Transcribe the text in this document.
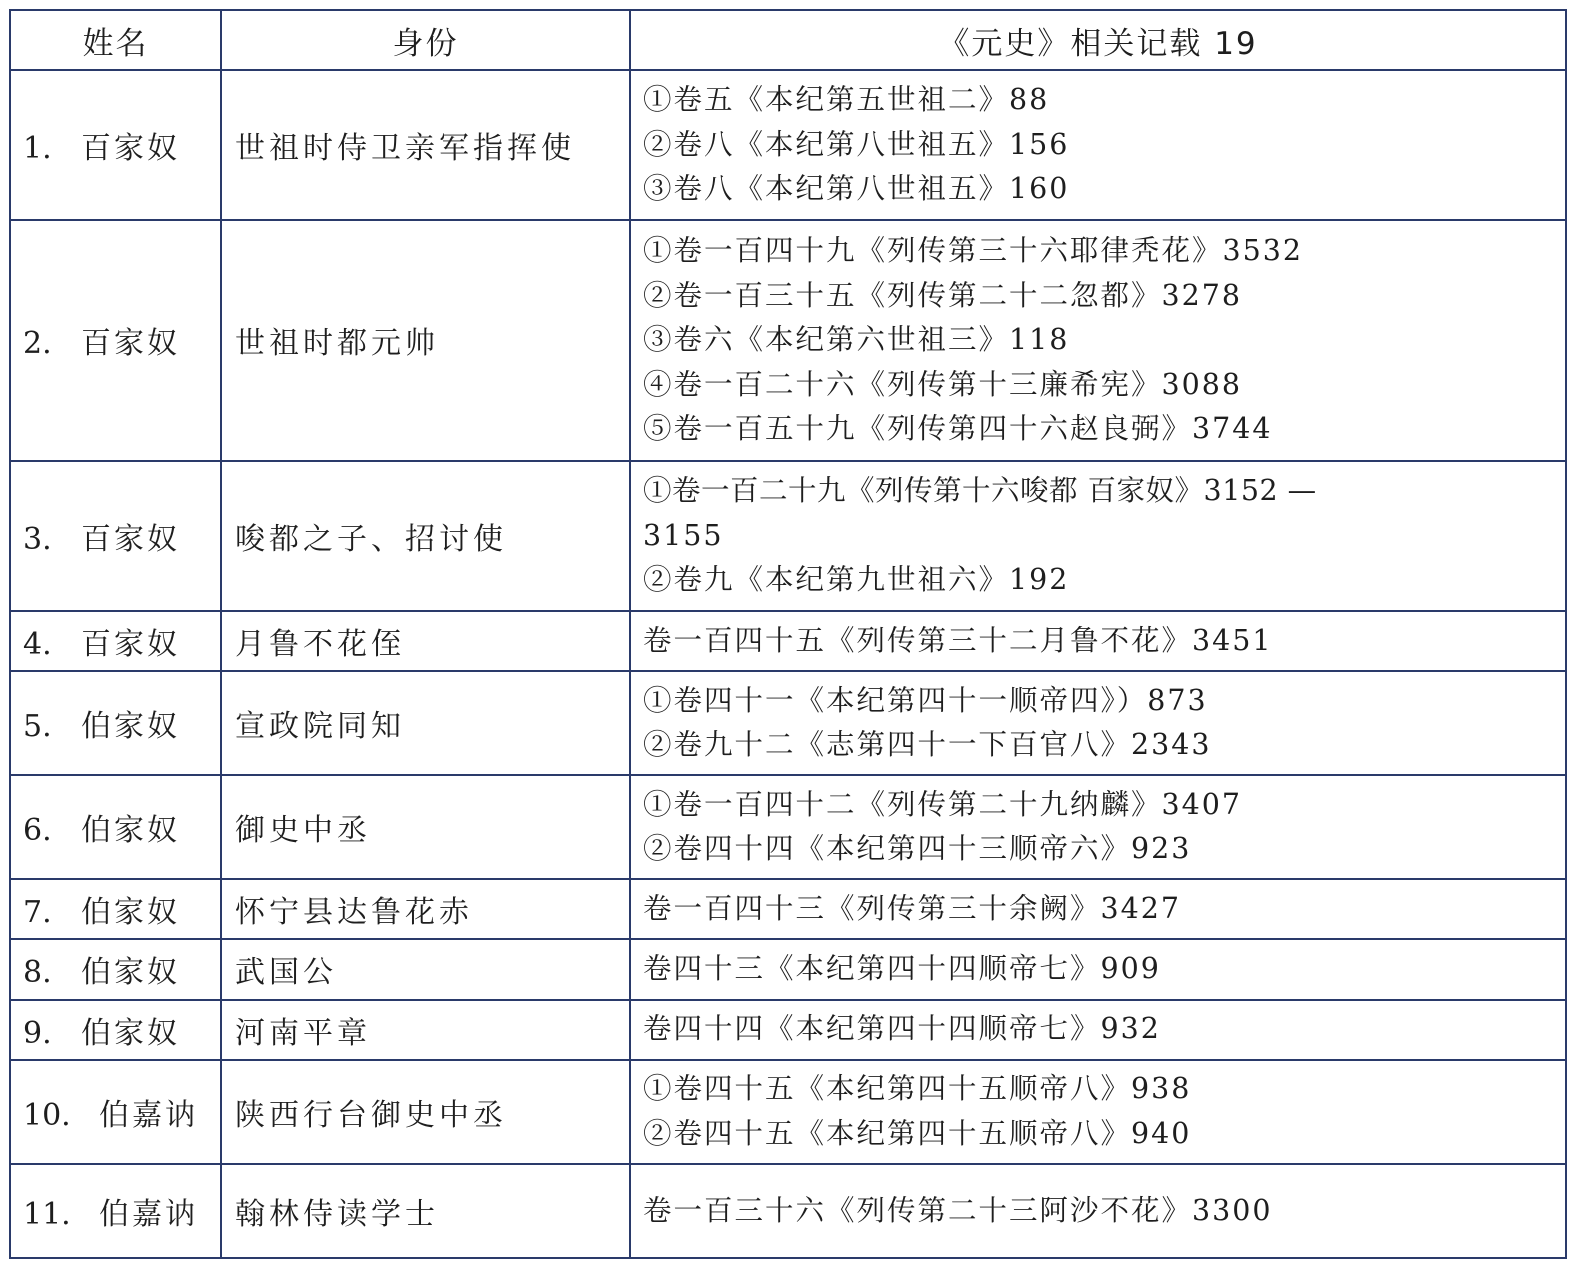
姓名	身份	《元史》相关记载 19
1. 百家奴	世祖时侍卫亲军指挥使	①卷五《本纪第五世祖二》88
②卷八《本纪第八世祖五》156
③卷八《本纪第八世祖五》160

2. 百家奴	世祖时都元帅	①卷一百四十九《列传第三十六耶律秃花》3532
②卷一百三十五《列传第二十二忽都》3278
③卷六《本纪第六世祖三》118
④卷一百二十六《列传第十三廉希宪》3088
⑤卷一百五十九《列传第四十六赵良弼》3744

3. 百家奴	唆都之子、招讨使	①卷一百二十九《列传第十六唆都 百家奴》3152 —
3155
②卷九《本纪第九世祖六》192

4. 百家奴	月鲁不花侄	卷一百四十五《列传第三十二月鲁不花》3451

5. 伯家奴	宣政院同知	①卷四十一《本纪第四十一顺帝四》）873
②卷九十二《志第四十一下百官八》2343

6. 伯家奴	御史中丞	①卷一百四十二《列传第二十九纳麟》3407
②卷四十四《本纪第四十三顺帝六》923

7. 伯家奴	怀宁县达鲁花赤	卷一百四十三《列传第三十余阙》3427

8. 伯家奴	武国公	卷四十三《本纪第四十四顺帝七》909

9. 伯家奴	河南平章	卷四十四《本纪第四十四顺帝七》932

10. 伯嘉讷	陕西行台御史中丞	①卷四十五《本纪第四十五顺帝八》938
②卷四十五《本纪第四十五顺帝八》940

11. 伯嘉讷	翰林侍读学士	卷一百三十六《列传第二十三阿沙不花》3300
